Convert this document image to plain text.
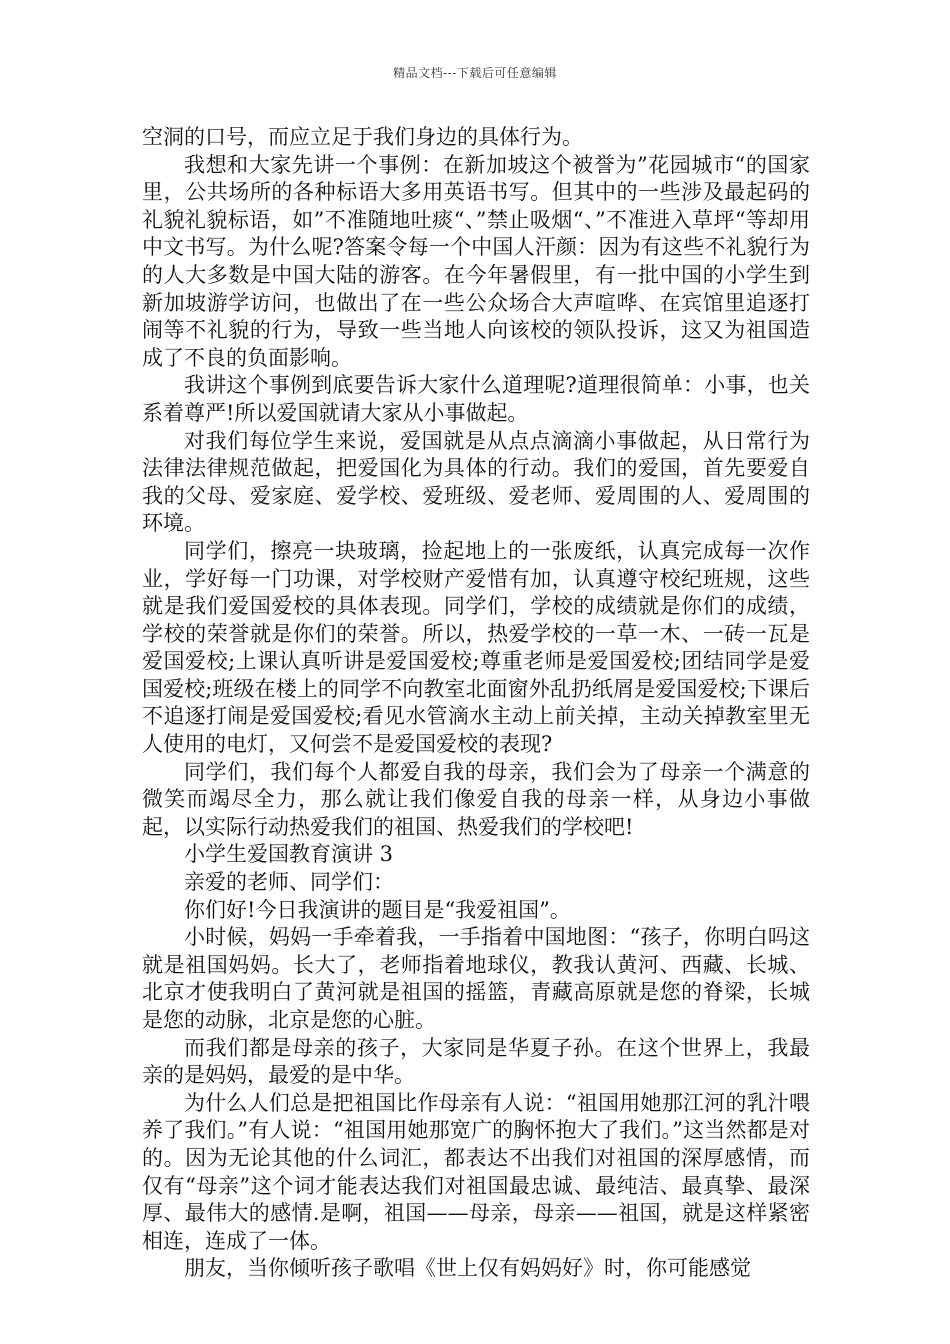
精品文档---下载后可任意编辑

空洞的口号，而应立足于我们身边的具体行为。

我想和大家先讲一个事例：在新加坡这个被誉为”花园城市“的国家里，公共场所的各种标语大多用英语书写。但其中的一些涉及最起码的礼貌礼貌标语，如”不准随地吐痰“、”禁止吸烟“、”不准进入草坪“等却用中文书写。为什么呢?答案令每一个中国人汗颜：因为有这些不礼貌行为的人大多数是中国大陆的游客。在今年暑假里，有一批中国的小学生到新加坡游学访问，也做出了在一些公众场合大声喧哗、在宾馆里追逐打闹等不礼貌的行为，导致一些当地人向该校的领队投诉，这又为祖国造成了不良的负面影响。

我讲这个事例到底要告诉大家什么道理呢?道理很简单：小事，也关系着尊严!所以爱国就请大家从小事做起。

对我们每位学生来说，爱国就是从点点滴滴小事做起，从日常行为法律法律规范做起，把爱国化为具体的行动。我们的爱国，首先要爱自我的父母、爱家庭、爱学校、爱班级、爱老师、爱周围的人、爱周围的环境。

同学们，擦亮一块玻璃，捡起地上的一张废纸，认真完成每一次作业，学好每一门功课，对学校财产爱惜有加，认真遵守校纪班规，这些就是我们爱国爱校的具体表现。同学们，学校的成绩就是你们的成绩，学校的荣誉就是你们的荣誉。所以，热爱学校的一草一木、一砖一瓦是爱国爱校;上课认真听讲是爱国爱校;尊重老师是爱国爱校;团结同学是爱国爱校;班级在楼上的同学不向教室北面窗外乱扔纸屑是爱国爱校;下课后不追逐打闹是爱国爱校;看见水管滴水主动上前关掉，主动关掉教室里无人使用的电灯，又何尝不是爱国爱校的表现?

同学们，我们每个人都爱自我的母亲，我们会为了母亲一个满意的微笑而竭尽全力，那么就让我们像爱自我的母亲一样，从身边小事做起，以实际行动热爱我们的祖国、热爱我们的学校吧!

小学生爱国教育演讲 3

亲爱的老师、同学们：

你们好!今日我演讲的题目是“我爱祖国”。

小时候，妈妈一手牵着我，一手指着中国地图：“孩子，你明白吗这就是祖国妈妈。长大了，老师指着地球仪，教我认黄河、西藏、长城、北京才使我明白了黄河就是祖国的摇篮，青藏高原就是您的脊梁，长城是您的动脉，北京是您的心脏。

而我们都是母亲的孩子，大家同是华夏子孙。在这个世界上，我最亲的是妈妈，最爱的是中华。

为什么人们总是把祖国比作母亲有人说：“祖国用她那江河的乳汁喂养了我们。”有人说：“祖国用她那宽广的胸怀抱大了我们。”这当然都是对的。因为无论其他的什么词汇，都表达不出我们对祖国的深厚感情，而仅有“母亲”这个词才能表达我们对祖国最忠诚、最纯洁、最真挚、最深厚、最伟大的感情.是啊，祖国——母亲，母亲——祖国，就是这样紧密相连，连成了一体。

朋友，当你倾听孩子歌唱《世上仅有妈妈好》时，你可能感觉
